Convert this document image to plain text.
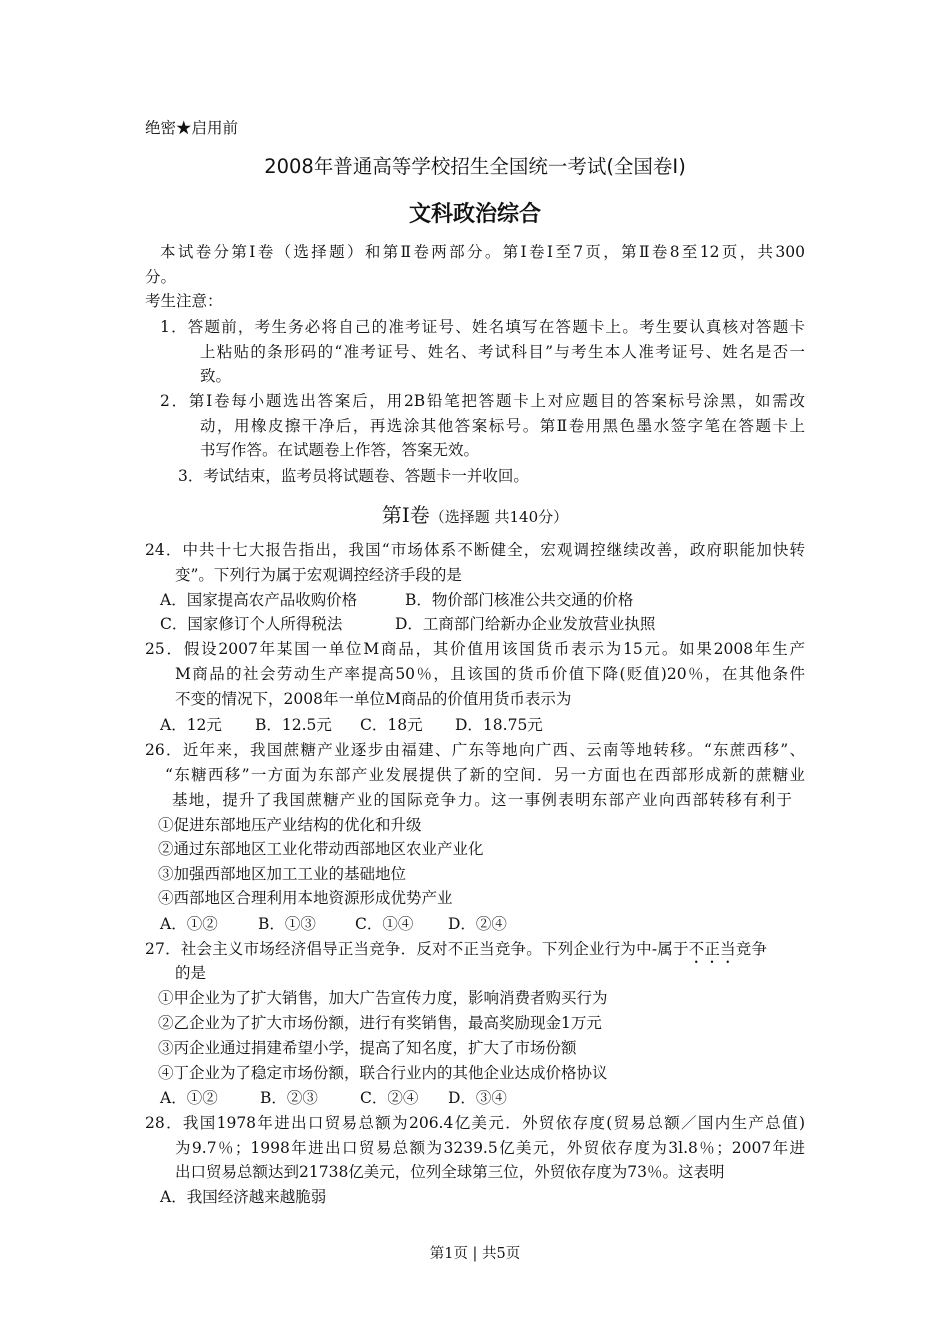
绝密★启用前
2008年普通高等学校招生全国统一考试(全国卷Ⅰ)
文科政治综合
本试卷分第Ⅰ卷（选择题）和第Ⅱ卷两部分。第Ⅰ卷Ⅰ至7页，第Ⅱ卷8至12页，共300
分。
考生注意：
1．答题前，考生务必将自己的准考证号、姓名填写在答题卡上。考生要认真核对答题卡
上粘贴的条形码的“准考证号、姓名、考试科目”与考生本人准考证号、姓名是否一
致。
2．第Ⅰ卷每小题选出答案后，用2B铅笔把答题卡上对应题目的答案标号涂黑，如需改
动，用橡皮擦干净后，再选涂其他答案标号。第Ⅱ卷用黑色墨水签字笔在答题卡上
书写作答。在试题卷上作答，答案无效。
3．考试结束，监考员将试题卷、答题卡一并收回。
第Ⅰ卷（选择题 共140分）
24．中共十七大报告指出，我国“市场体系不断健全，宏观调控继续改善，政府职能加快转
变”。下列行为属于宏观调控经济手段的是
A．国家提高农产品收购价格	B．物价部门核准公共交通的价格
C．国家修订个人所得税法	D．工商部门给新办企业发放营业执照
25．假设2007年某国一单位M商品，其价值用该国货币表示为15元。如果2008年生产
M商品的社会劳动生产率提高50％，且该国的货币价值下降(贬值)20％，在其他条件
不变的情况下，2008年一单位M商品的价值用货币表示为
A．12元 B．12.5元 C．18元 D．18.75元
26．近年来，我国蔗糖产业逐步由福建、广东等地向广西、云南等地转移。“东蔗西移”、
“东糖西移”一方面为东部产业发展提供了新的空间．另一方面也在西部形成新的蔗糖业
基地，提升了我国蔗糖产业的国际竞争力。这一事例表明东部产业向西部转移有利于
①促进东部地压产业结构的优化和升级
②通过东部地区工业化带动西部地区农业产业化
③加强西部地区加工工业的基础地位
④西部地区合理利用本地资源形成优势产业
A．①②	B．①③	C．①④ D．②④
27．社会主义市场经济倡导正当竞争．反对不正当竞争。下列企业行为中-属于不正当竞争
的是
①甲企业为了扩大销售，加大广告宣传力度，影响消费者购买行为
②乙企业为了扩大市场份额，进行有奖销售，最高奖励现金1万元
③丙企业通过捐建希望小学，提高了知名度，扩大了市场份额
④丁企业为了稳定市场份额，联合行业内的其他企业达成价格协议
A．①②	B．②③	C．②④ D．③④
28．我国1978年进出口贸易总额为206.4亿美元．外贸依存度(贸易总额／国内生产总值)
为9.7％；1998年进出口贸易总额为3239.5亿美元，外贸依存度为3l.8％；2007年进
出口贸易总额达到21738亿美元，位列全球第三位，外贸依存度为73％。这表明
A．我国经济越来越脆弱
第1页 | 共5页
